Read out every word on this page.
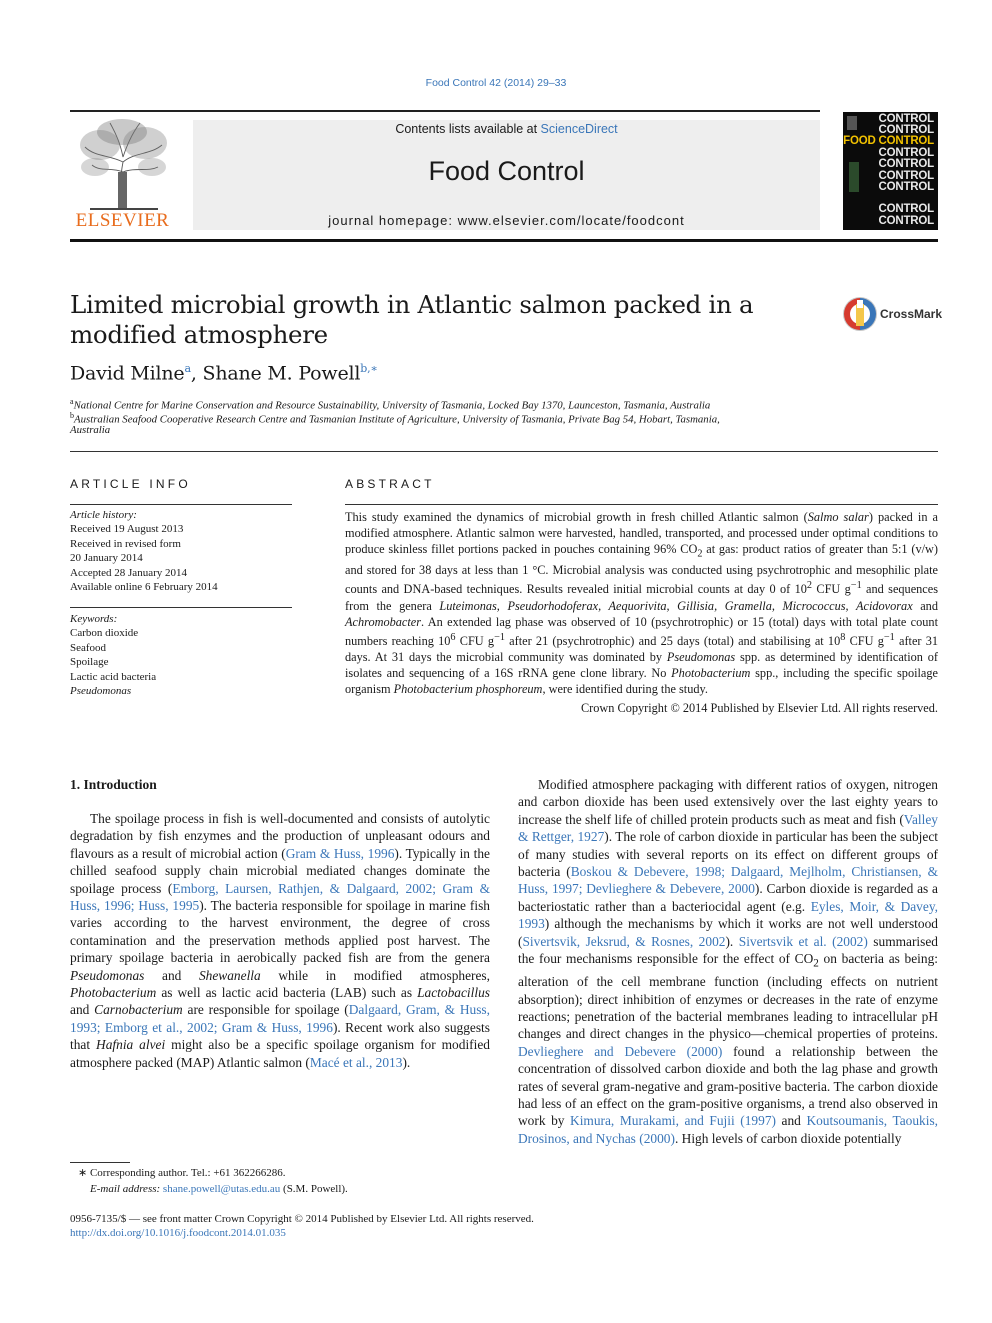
Food Control 42 (2014) 29–33
ELSEVIER
Contents lists available at ScienceDirect
Food Control
journal homepage: www.elsevier.com/locate/foodcont
CONTROL
CONTROL
FOOD CONTROL
CONTROL
CONTROL
CONTROL
CONTROL
CONTROL
CONTROL
Limited microbial growth in Atlantic salmon packed in a modified atmosphere
CrossMark
David Milne$^a$, Shane M. Powell$^{b,∗}$
$^a$National Centre for Marine Conservation and Resource Sustainability, University of Tasmania, Locked Bay 1370, Launceston, Tasmania, Australia
$^b$Australian Seafood Cooperative Research Centre and Tasmanian Institute of Agriculture, University of Tasmania, Private Bag 54, Hobart, Tasmania,
Australia
ARTICLE INFO
Article history:
Received 19 August 2013
Received in revised form
20 January 2014
Accepted 28 January 2014
Available online 6 February 2014
Keywords:
Carbon dioxide
Seafood
Spoilage
Lactic acid bacteria
Pseudomonas
ABSTRACT
This study examined the dynamics of microbial growth in fresh chilled Atlantic salmon (Salmo salar) packed in a modified atmosphere. Atlantic salmon were harvested, handled, transported, and processed under optimal conditions to produce skinless fillet portions packed in pouches containing 96% $CO_2$ at gas: product ratios of greater than 5:1 (v/w) and stored for 38 days at less than 1 °C. Microbial analysis was conducted using psychrotrophic and mesophilic plate counts and DNA-based techniques. Results revealed initial microbial counts at day 0 of $10^2$ CFU $g^{-1}$ and sequences from the genera Luteimonas, Pseudorhodoferax, Aequorivita, Gillisia, Gramella, Micrococcus, Acidovorax and Achromobacter. An extended lag phase was observed of 10 (psychrotrophic) or 15 (total) days with total plate count numbers reaching $10^6$ CFU $g^{-1}$ after 21 (psychrotrophic) and 25 days (total) and stabilising at $10^8$ CFU $g^{-1}$ after 31 days. At 31 days the microbial community was dominated by Pseudomonas spp. as determined by identification of isolates and sequencing of a 16S rRNA gene clone library. No Photobacterium spp., including the specific spoilage organism Photobacterium phosphoreum, were identified during the study.
Crown Copyright © 2014 Published by Elsevier Ltd. All rights reserved.
1. Introduction
The spoilage process in fish is well-documented and consists of autolytic degradation by fish enzymes and the production of unpleasant odours and flavours as a result of microbial action (Gram & Huss, 1996). Typically in the chilled seafood supply chain microbial mediated changes dominate the spoilage process (Emborg, Laursen, Rathjen, & Dalgaard, 2002; Gram & Huss, 1996; Huss, 1995). The bacteria responsible for spoilage in marine fish varies according to the harvest environment, the degree of cross contamination and the preservation methods applied post harvest. The primary spoilage bacteria in aerobically packed fish are from the genera Pseudomonas and Shewanella while in modified atmospheres, Photobacterium as well as lactic acid bacteria (LAB) such as Lactobacillus and Carnobacterium are responsible for spoilage (Dalgaard, Gram, & Huss, 1993; Emborg et al., 2002; Gram & Huss, 1996). Recent work also suggests that Hafnia alvei might also be a specific spoilage organism for modified atmosphere packed (MAP) Atlantic salmon (Macé et al., 2013).
Modified atmosphere packaging with different ratios of oxygen, nitrogen and carbon dioxide has been used extensively over the last eighty years to increase the shelf life of chilled protein products such as meat and fish (Valley & Rettger, 1927). The role of carbon dioxide in particular has been the subject of many studies with several reports on its effect on different groups of bacteria (Boskou & Debevere, 1998; Dalgaard, Mejlholm, Christiansen, & Huss, 1997; Devlieghere & Debevere, 2000). Carbon dioxide is regarded as a bacteriostatic rather than a bacteriocidal agent (e.g. Eyles, Moir, & Davey, 1993) although the mechanisms by which it works are not well understood (Sivertsvik, Jeksrud, & Rosnes, 2002). Sivertsvik et al. (2002) summarised the four mechanisms responsible for the effect of $CO_2$ on bacteria as being: alteration of the cell membrane function (including effects on nutrient absorption); direct inhibition of enzymes or decreases in the rate of enzyme reactions; penetration of the bacterial membranes leading to intracellular pH changes and direct changes in the physico—chemical properties of proteins. Devlieghere and Debevere (2000) found a relationship between the concentration of dissolved carbon dioxide and both the lag phase and growth rates of several gram-negative and gram-positive bacteria. The carbon dioxide had less of an effect on the gram-positive organisms, a trend also observed in work by Kimura, Murakami, and Fujii (1997) and Koutsoumanis, Taoukis, Drosinos, and Nychas (2000). High levels of carbon dioxide potentially
∗ Corresponding author. Tel.: +61 362266286.
E-mail address: shane.powell@utas.edu.au (S.M. Powell).
0956-7135/$ — see front matter Crown Copyright © 2014 Published by Elsevier Ltd. All rights reserved.
http://dx.doi.org/10.1016/j.foodcont.2014.01.035
